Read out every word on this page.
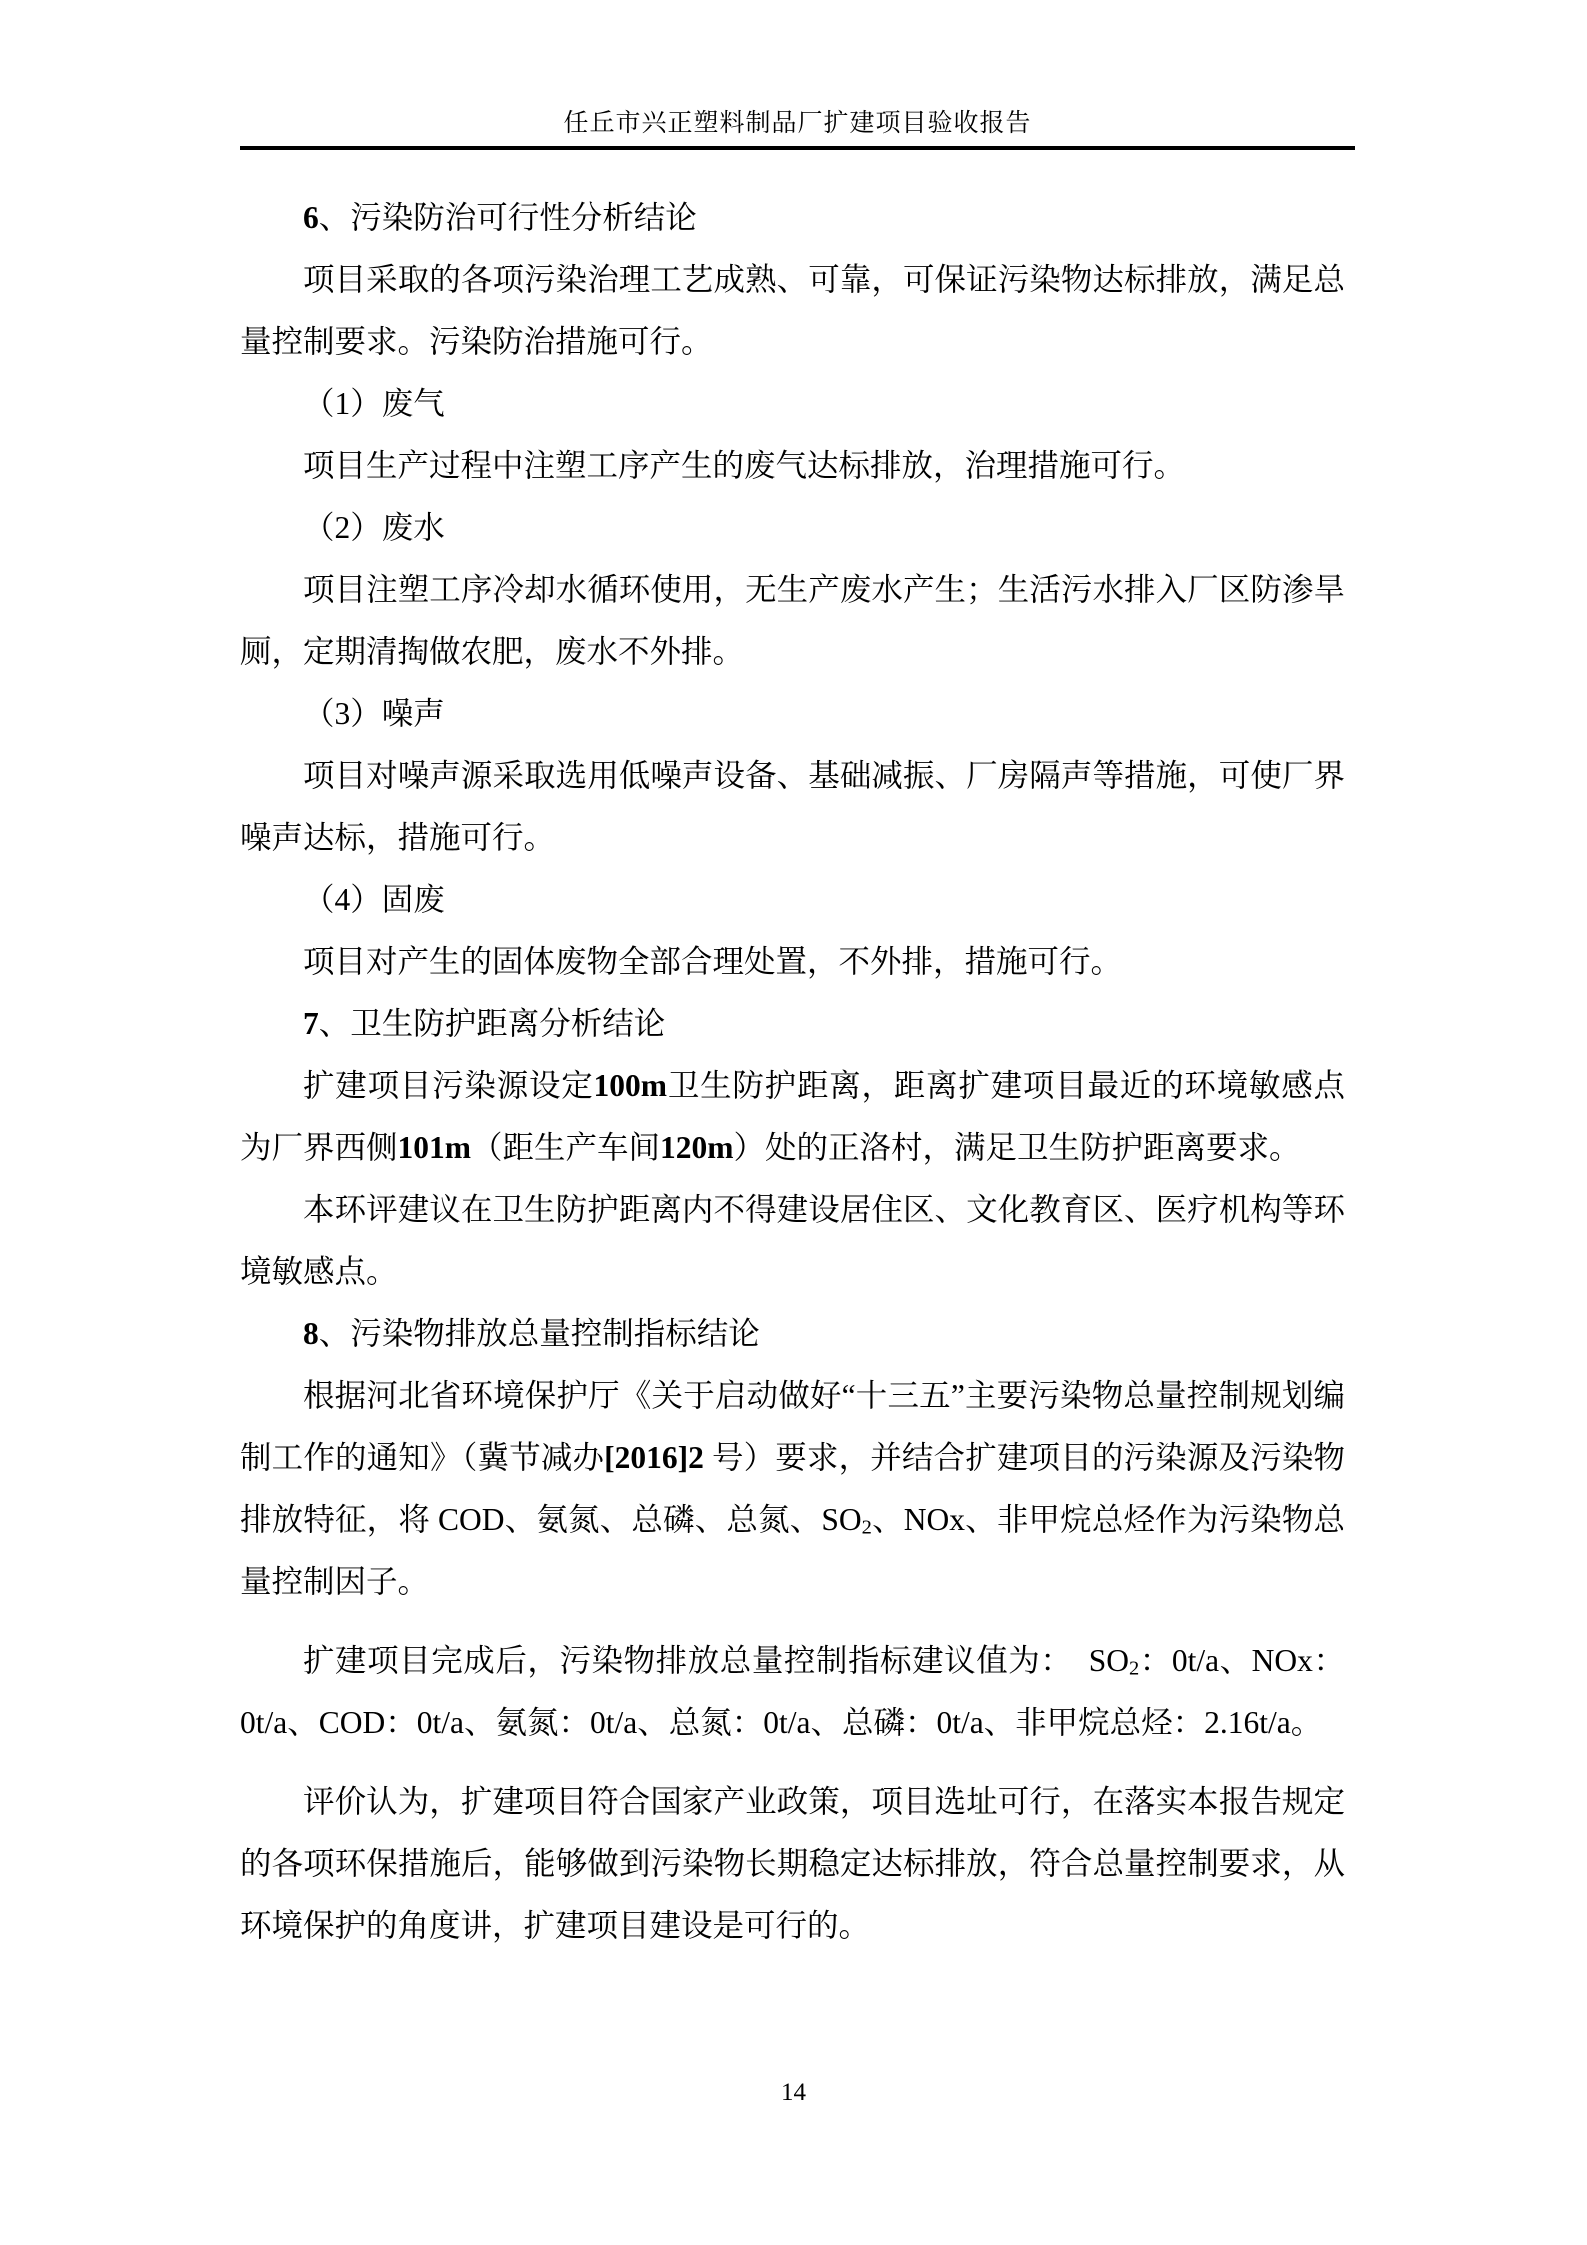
任丘市兴正塑料制品厂扩建项目验收报告

6、污染防治可行性分析结论

项目采取的各项污染治理工艺成熟、可靠，可保证污染物达标排放，满足总量控制要求。污染防治措施可行。

（1）废气

项目生产过程中注塑工序产生的废气达标排放，治理措施可行。

（2）废水

项目注塑工序冷却水循环使用，无生产废水产生；生活污水排入厂区防渗旱厕，定期清掏做农肥，废水不外排。

（3）噪声

项目对噪声源采取选用低噪声设备、基础减振、厂房隔声等措施，可使厂界噪声达标，措施可行。

（4）固废

项目对产生的固体废物全部合理处置，不外排，措施可行。

7、卫生防护距离分析结论

扩建项目污染源设定100m卫生防护距离，距离扩建项目最近的环境敏感点为厂界西侧101m（距生产车间120m）处的正洛村，满足卫生防护距离要求。

本环评建议在卫生防护距离内不得建设居住区、文化教育区、医疗机构等环境敏感点。

8、污染物排放总量控制指标结论

根据河北省环境保护厅《关于启动做好“十三五”主要污染物总量控制规划编制工作的通知》（冀节减办[2016]2 号）要求，并结合扩建项目的污染源及污染物排放特征，将 COD、氨氮、总磷、总氮、$SO_2$、NOx、非甲烷总烃作为污染物总量控制因子。

扩建项目完成后，污染物排放总量控制指标建议值为：　$SO_2$：0t/a、NOx：0t/a、COD：0t/a、氨氮：0t/a、总氮：0t/a、总磷：0t/a、非甲烷总烃：2.16t/a。

评价认为，扩建项目符合国家产业政策，项目选址可行，在落实本报告规定的各项环保措施后，能够做到污染物长期稳定达标排放，符合总量控制要求，从环境保护的角度讲，扩建项目建设是可行的。

14
